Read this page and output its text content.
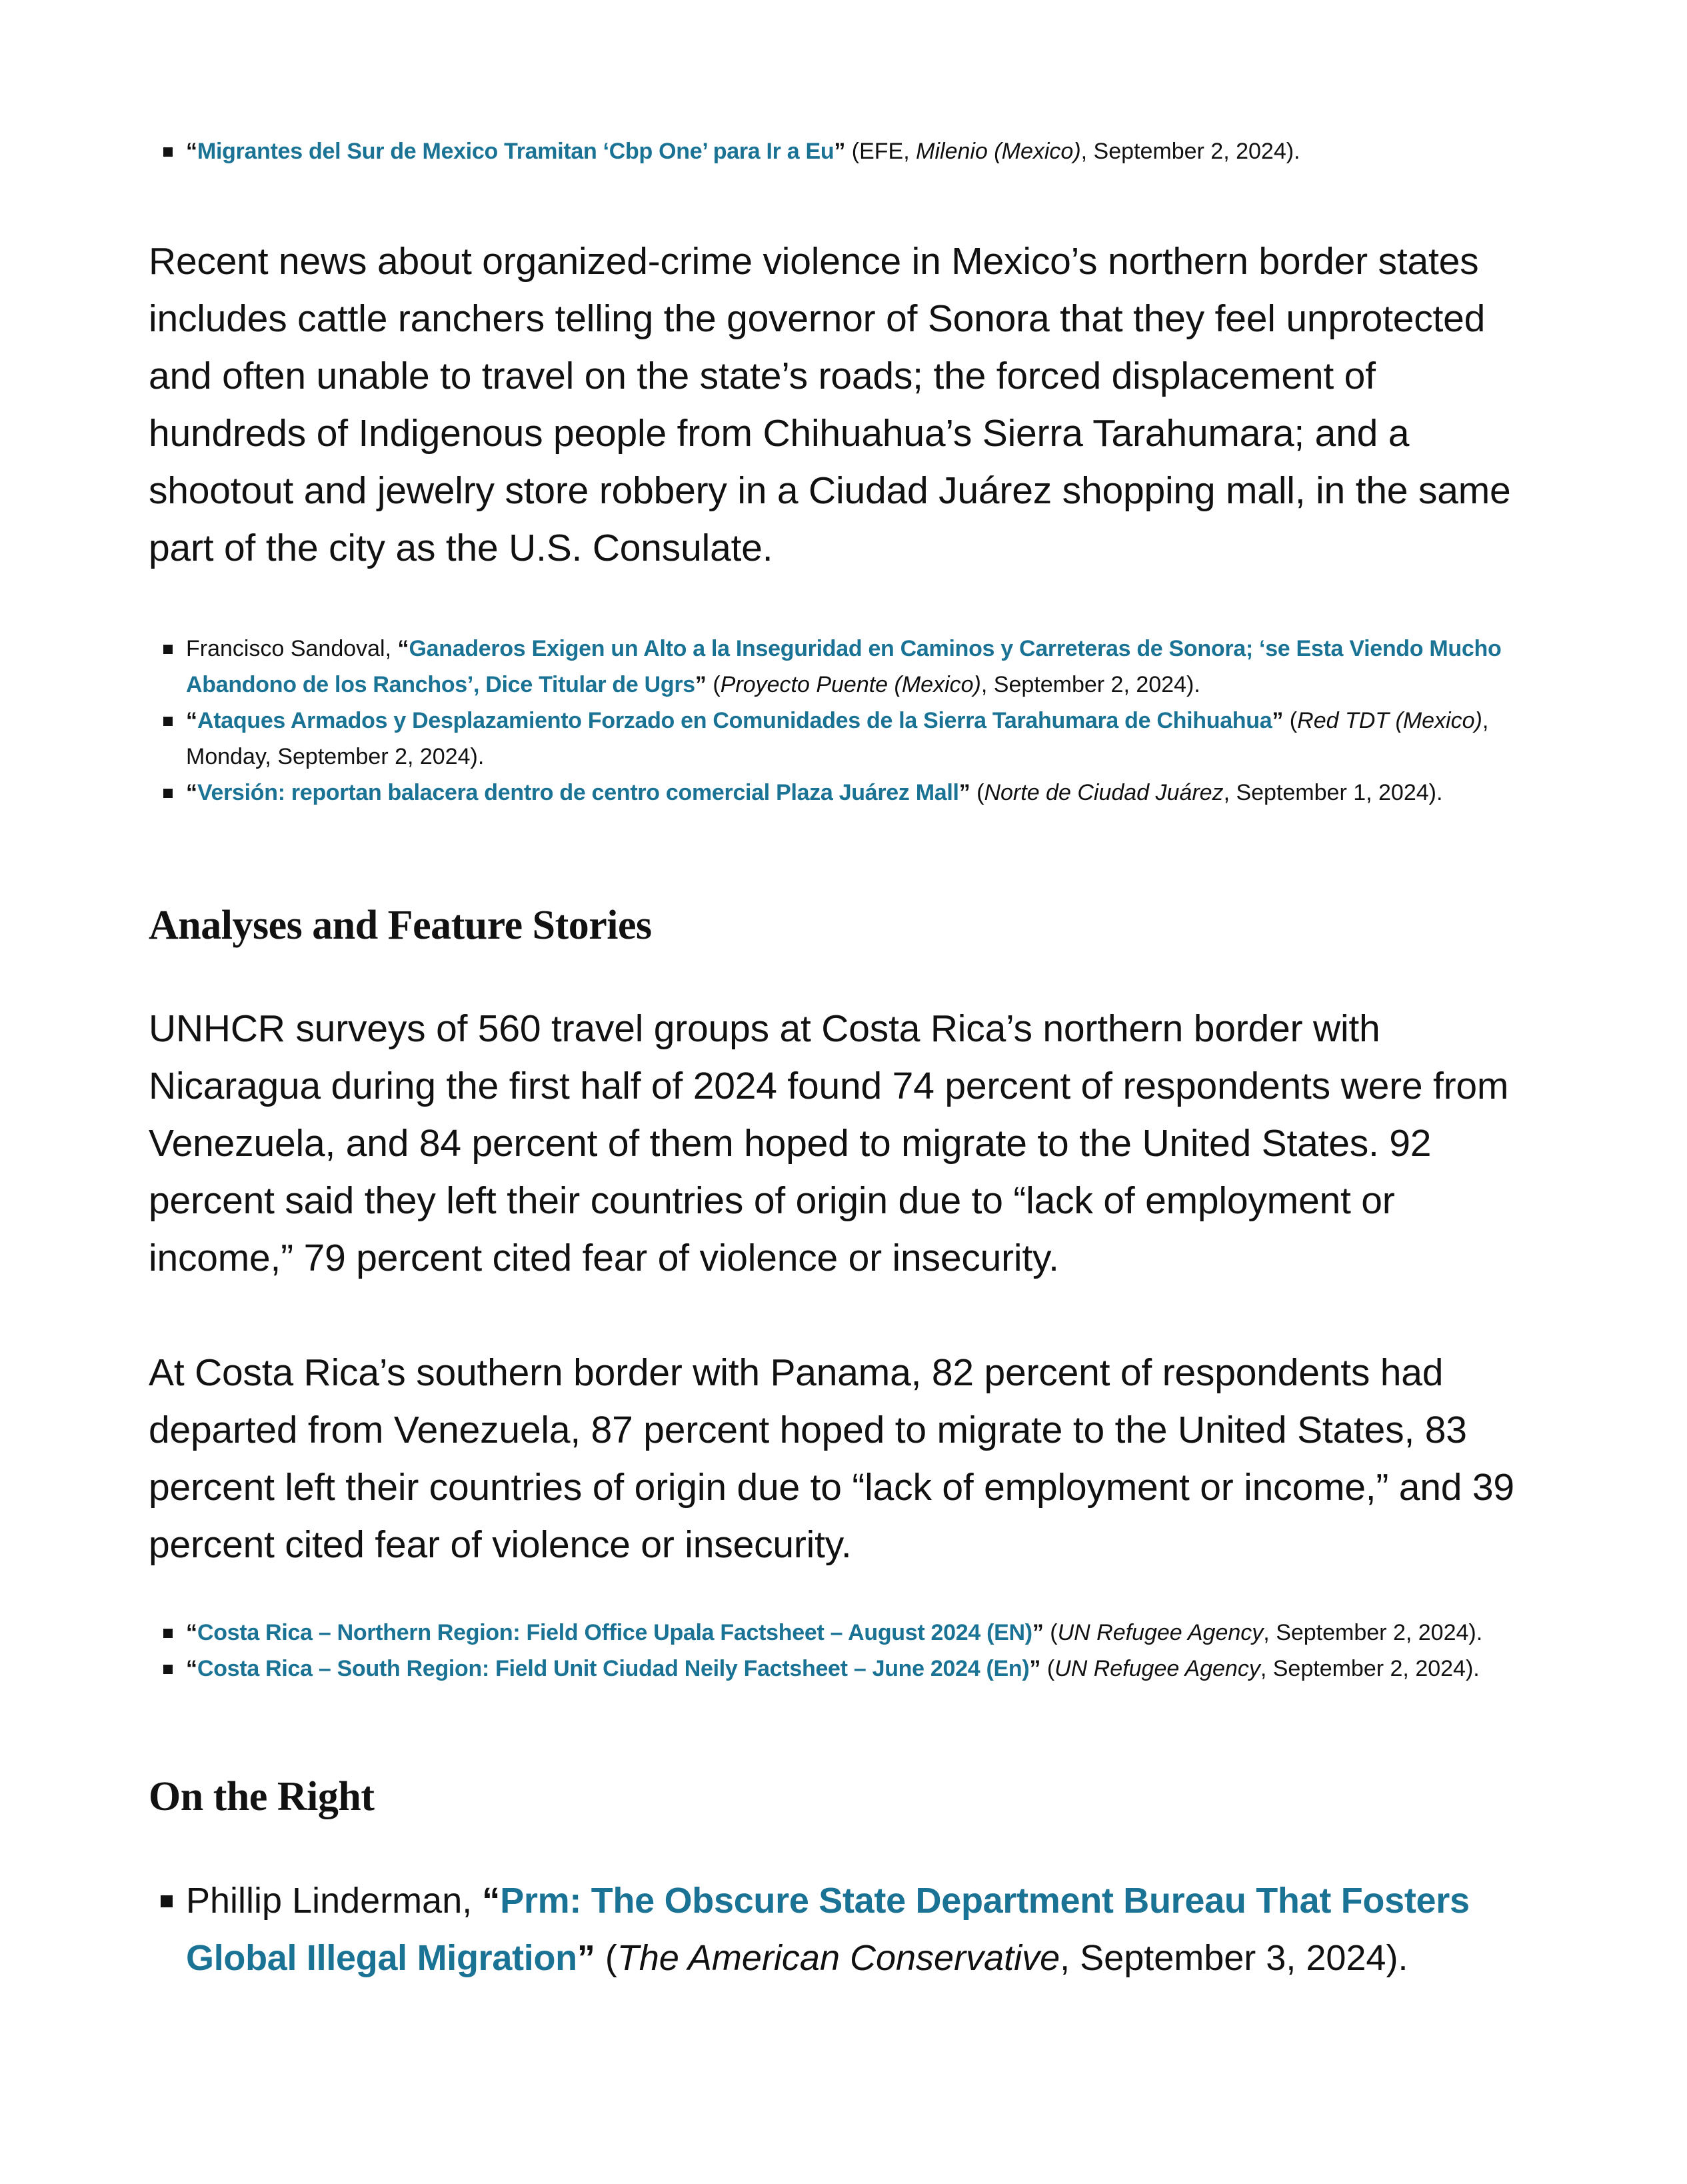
“Migrantes del Sur de Mexico Tramitan ‘Cbp One’ para Ir a Eu” (EFE, Milenio (Mexico), September 2, 2024).

Recent news about organized-crime violence in Mexico’s northern border states includes cattle ranchers telling the governor of Sonora that they feel unprotected and often unable to travel on the state’s roads; the forced displacement of hundreds of Indigenous people from Chihuahua’s Sierra Tarahumara; and a shootout and jewelry store robbery in a Ciudad Juárez shopping mall, in the same part of the city as the U.S. Consulate.

Francisco Sandoval, “Ganaderos Exigen un Alto a la Inseguridad en Caminos y Carreteras de Sonora; ‘se Esta Viendo Mucho Abandono de los Ranchos’, Dice Titular de Ugrs” (Proyecto Puente (Mexico), September 2, 2024).
“Ataques Armados y Desplazamiento Forzado en Comunidades de la Sierra Tarahumara de Chihuahua” (Red TDT (Mexico), Monday, September 2, 2024).
“Versión: reportan balacera dentro de centro comercial Plaza Juárez Mall” (Norte de Ciudad Juárez, September 1, 2024).
Analyses and Feature Stories

UNHCR surveys of 560 travel groups at Costa Rica’s northern border with Nicaragua during the first half of 2024 found 74 percent of respondents were from Venezuela, and 84 percent of them hoped to migrate to the United States. 92 percent said they left their countries of origin due to “lack of employment or income,” 79 percent cited fear of violence or insecurity.

At Costa Rica’s southern border with Panama, 82 percent of respondents had departed from Venezuela, 87 percent hoped to migrate to the United States, 83 percent left their countries of origin due to “lack of employment or income,” and 39 percent cited fear of violence or insecurity.

“Costa Rica – Northern Region: Field Office Upala Factsheet – August 2024 (EN)” (UN Refugee Agency, September 2, 2024).
“Costa Rica – South Region: Field Unit Ciudad Neily Factsheet – June 2024 (En)” (UN Refugee Agency, September 2, 2024).
On the Right
Phillip Linderman, “Prm: The Obscure State Department Bureau That Fosters Global Illegal Migration” (The American Conservative, September 3, 2024).
